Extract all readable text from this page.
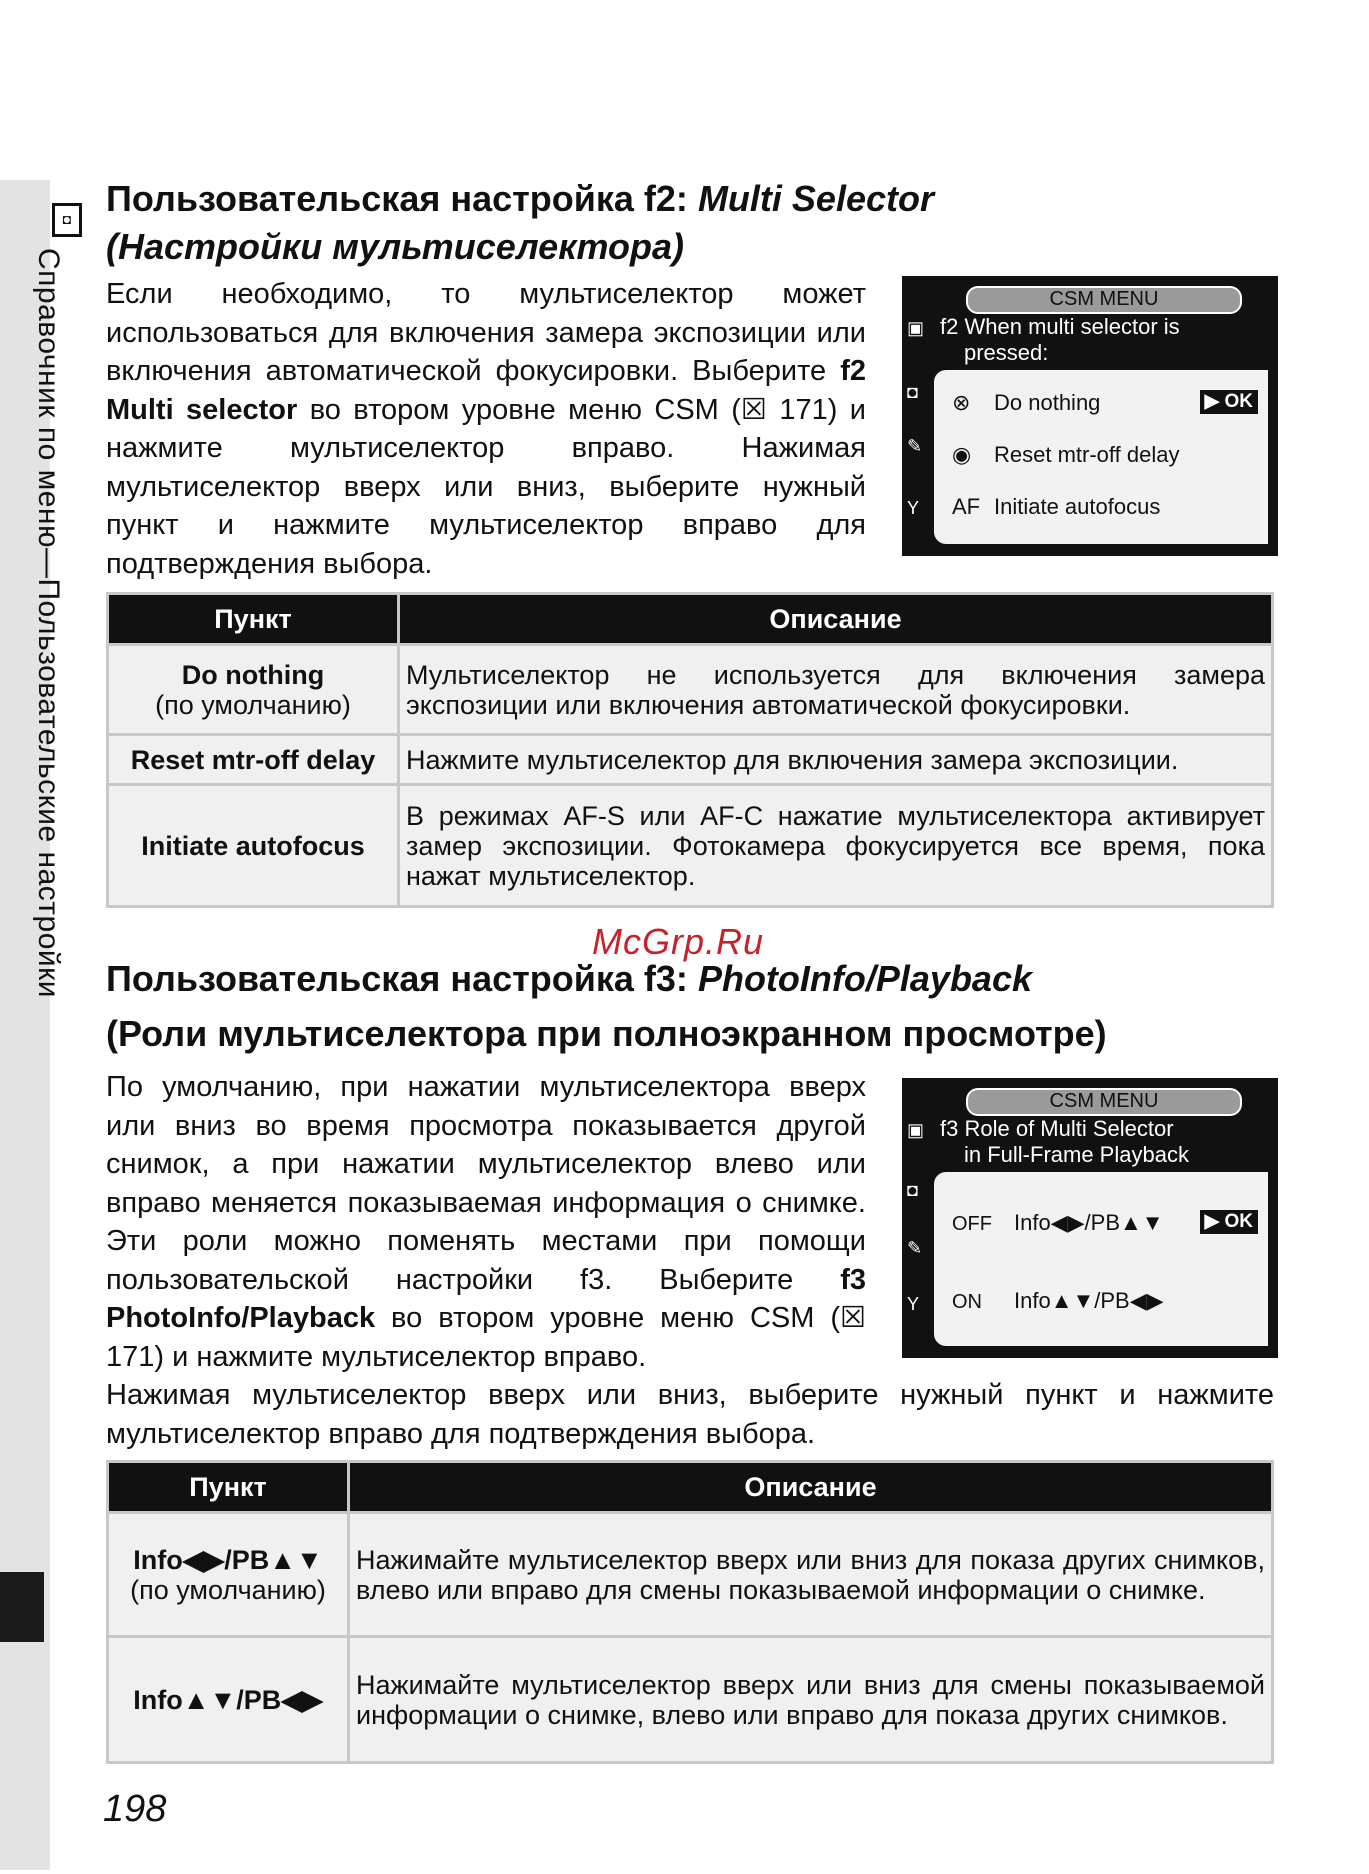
◘
Справочник по меню—Пользовательские настройки
Пользовательская настройка f2: Multi Selector
(Настройки мультиселектора)
Если необходимо, то мультиселектор может использоваться для включения замера экспозиции или включения автоматической фокусировки. Выберите f2 Multi selector во втором уровне меню CSM (☒ 171) и нажмите мультиселектор вправо. Нажимая мультиселектор вверх или вниз, выберите нужный пункт и нажмите мультиселектор вправо для подтверждения выбора.
▣
◘
✎
Y
CSM MENU
f2 When multi selector is
pressed:
⊗ Do nothing	▶ OK
◉ Reset mtr-off delay
AF Initiate autofocus
Пункт	Описание

Do nothing
(по умолчанию)	Мультиселектор не используется для включения замера экспозиции или включения автоматической фокусировки.
Reset mtr-off delay	Нажмите мультиселектор для включения замера экспозиции.
Initiate autofocus	В режимах AF-S или AF-C нажатие мультиселектора активирует замер экспозиции. Фотокамера фокусируется все время, пока нажат мультиселектор.
McGrp.Ru
Пользовательская настройка f3: PhotoInfo/Playback
(Роли мультиселектора при полноэкранном просмотре)
По умолчанию, при нажатии мультиселектора вверх или вниз во время просмотра показывается другой снимок, а при нажатии мультиселектор влево или вправо меняется показываемая информация о снимке. Эти роли можно поменять местами при помощи пользовательской настройки f3. Выберите f3 PhotoInfo/Playback во втором уровне меню CSM (☒ 171) и нажмите мультиселектор вправо.
Нажимая мультиселектор вверх или вниз, выберите нужный пункт и нажмите мультиселектор вправо для подтверждения выбора.
▣
◘
✎
Y
CSM MENU
f3 Role of Multi Selector
in Full-Frame Playback
OFF Info◀▶/PB▲▼ ▶ OK
ON Info▲▼/PB◀▶
Пункт	Описание

Info◀▶/PB▲▼
(по умолчанию)	Нажимайте мультиселектор вверх или вниз для показа других снимков, влево или вправо для смены показываемой информации о снимке.
Info▲▼/PB◀▶	Нажимайте мультиселектор вверх или вниз для смены показываемой информации о снимке, влево или вправо для показа других снимков.
198
